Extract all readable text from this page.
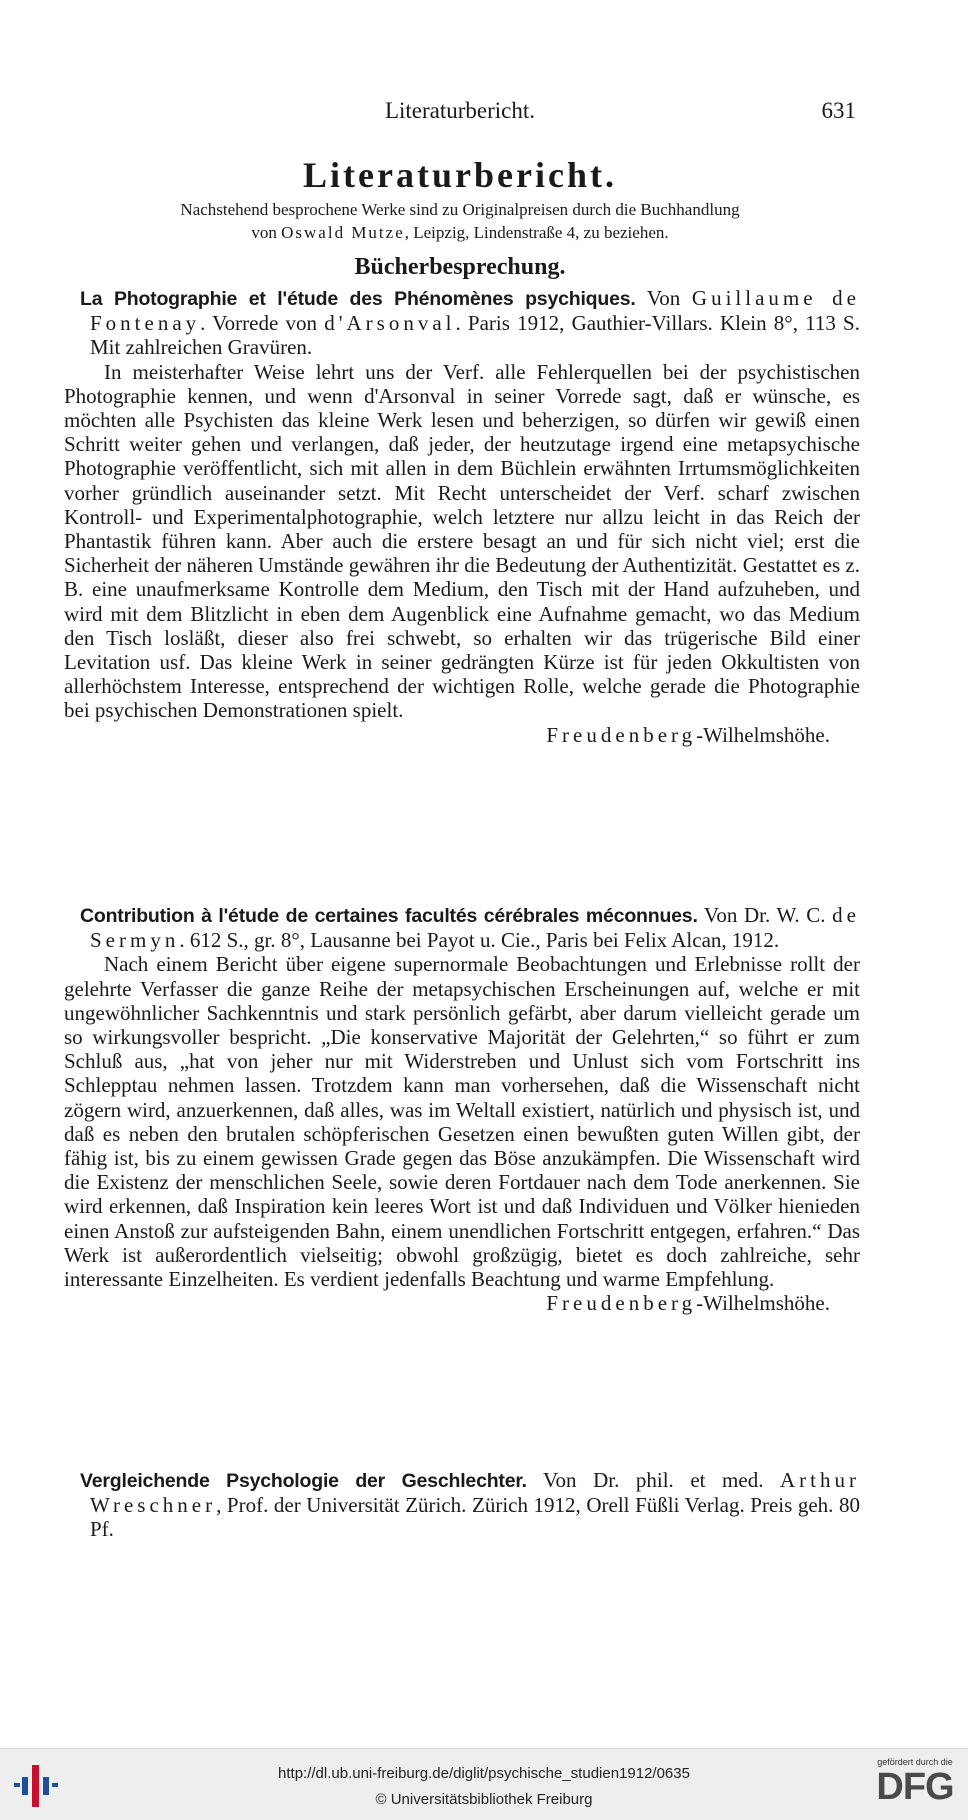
Literaturbericht.	631
Literaturbericht.
Nachstehend besprochene Werke sind zu Originalpreisen durch die Buchhandlung
von Oswald Mutze, Leipzig, Lindenstraße 4, zu beziehen.
Bücherbesprechung.

La Photographie et l'étude des Phénomènes psychiques. Von Guillaume de Fontenay. Vorrede von d'Arsonval. Paris 1912, Gauthier-Villars. Klein 8°, 113 S. Mit zahlreichen Gravüren.

In meisterhafter Weise lehrt uns der Verf. alle Fehlerquellen bei der psychistischen Photographie kennen, und wenn d'Arsonval in seiner Vorrede sagt, daß er wünsche, es möchten alle Psychisten das kleine Werk lesen und beherzigen, so dürfen wir gewiß einen Schritt weiter gehen und verlangen, daß jeder, der heutzutage irgend eine metapsychische Photographie veröffentlicht, sich mit allen in dem Büchlein erwähnten Irrtumsmöglichkeiten vorher gründlich auseinander setzt. Mit Recht unterscheidet der Verf. scharf zwischen Kontroll- und Experimentalphotographie, welch letztere nur allzu leicht in das Reich der Phantastik führen kann. Aber auch die erstere besagt an und für sich nicht viel; erst die Sicherheit der näheren Umstände gewähren ihr die Bedeutung der Authentizität. Gestattet es z. B. eine unaufmerksame Kontrolle dem Medium, den Tisch mit der Hand aufzuheben, und wird mit dem Blitzlicht in eben dem Augenblick eine Aufnahme gemacht, wo das Medium den Tisch losläßt, dieser also frei schwebt, so erhalten wir das trügerische Bild einer Levitation usf. Das kleine Werk in seiner gedrängten Kürze ist für jeden Okkultisten von allerhöchstem Interesse, entsprechend der wichtigen Rolle, welche gerade die Photographie bei psychischen Demonstrationen spielt.

Freudenberg-Wilhelmshöhe.

Contribution à l'étude de certaines facultés cérébrales méconnues. Von Dr. W. C. de Sermyn. 612 S., gr. 8°, Lausanne bei Payot u. Cie., Paris bei Felix Alcan, 1912.

Nach einem Bericht über eigene supernormale Beobachtungen und Erlebnisse rollt der gelehrte Verfasser die ganze Reihe der metapsychischen Erscheinungen auf, welche er mit ungewöhnlicher Sachkenntnis und stark persönlich gefärbt, aber darum vielleicht gerade um so wirkungsvoller bespricht. „Die konservative Majorität der Gelehrten,“ so führt er zum Schluß aus, „hat von jeher nur mit Widerstreben und Unlust sich vom Fortschritt ins Schlepptau nehmen lassen. Trotzdem kann man vorhersehen, daß die Wissenschaft nicht zögern wird, anzuerkennen, daß alles, was im Weltall existiert, natürlich und physisch ist, und daß es neben den brutalen schöpferischen Gesetzen einen bewußten guten Willen gibt, der fähig ist, bis zu einem gewissen Grade gegen das Böse anzukämpfen. Die Wissenschaft wird die Existenz der menschlichen Seele, sowie deren Fortdauer nach dem Tode anerkennen. Sie wird erkennen, daß Inspiration kein leeres Wort ist und daß Individuen und Völker hienieden einen Anstoß zur aufsteigenden Bahn, einem unendlichen Fortschritt entgegen, erfahren.“ Das Werk ist außerordentlich vielseitig; obwohl großzügig, bietet es doch zahlreiche, sehr interessante Einzelheiten. Es verdient jedenfalls Beachtung und warme Empfehlung.

Freudenberg-Wilhelmshöhe.

Vergleichende Psychologie der Geschlechter. Von Dr. phil. et med. Arthur Wreschner, Prof. der Universität Zürich. Zürich 1912, Orell Füßli Verlag. Preis geh. 80 Pf.

http://dl.ub.uni-freiburg.de/diglit/psychische_studien1912/0635
© Universitätsbibliothek Freiburg
gefördert durch die
DFG
